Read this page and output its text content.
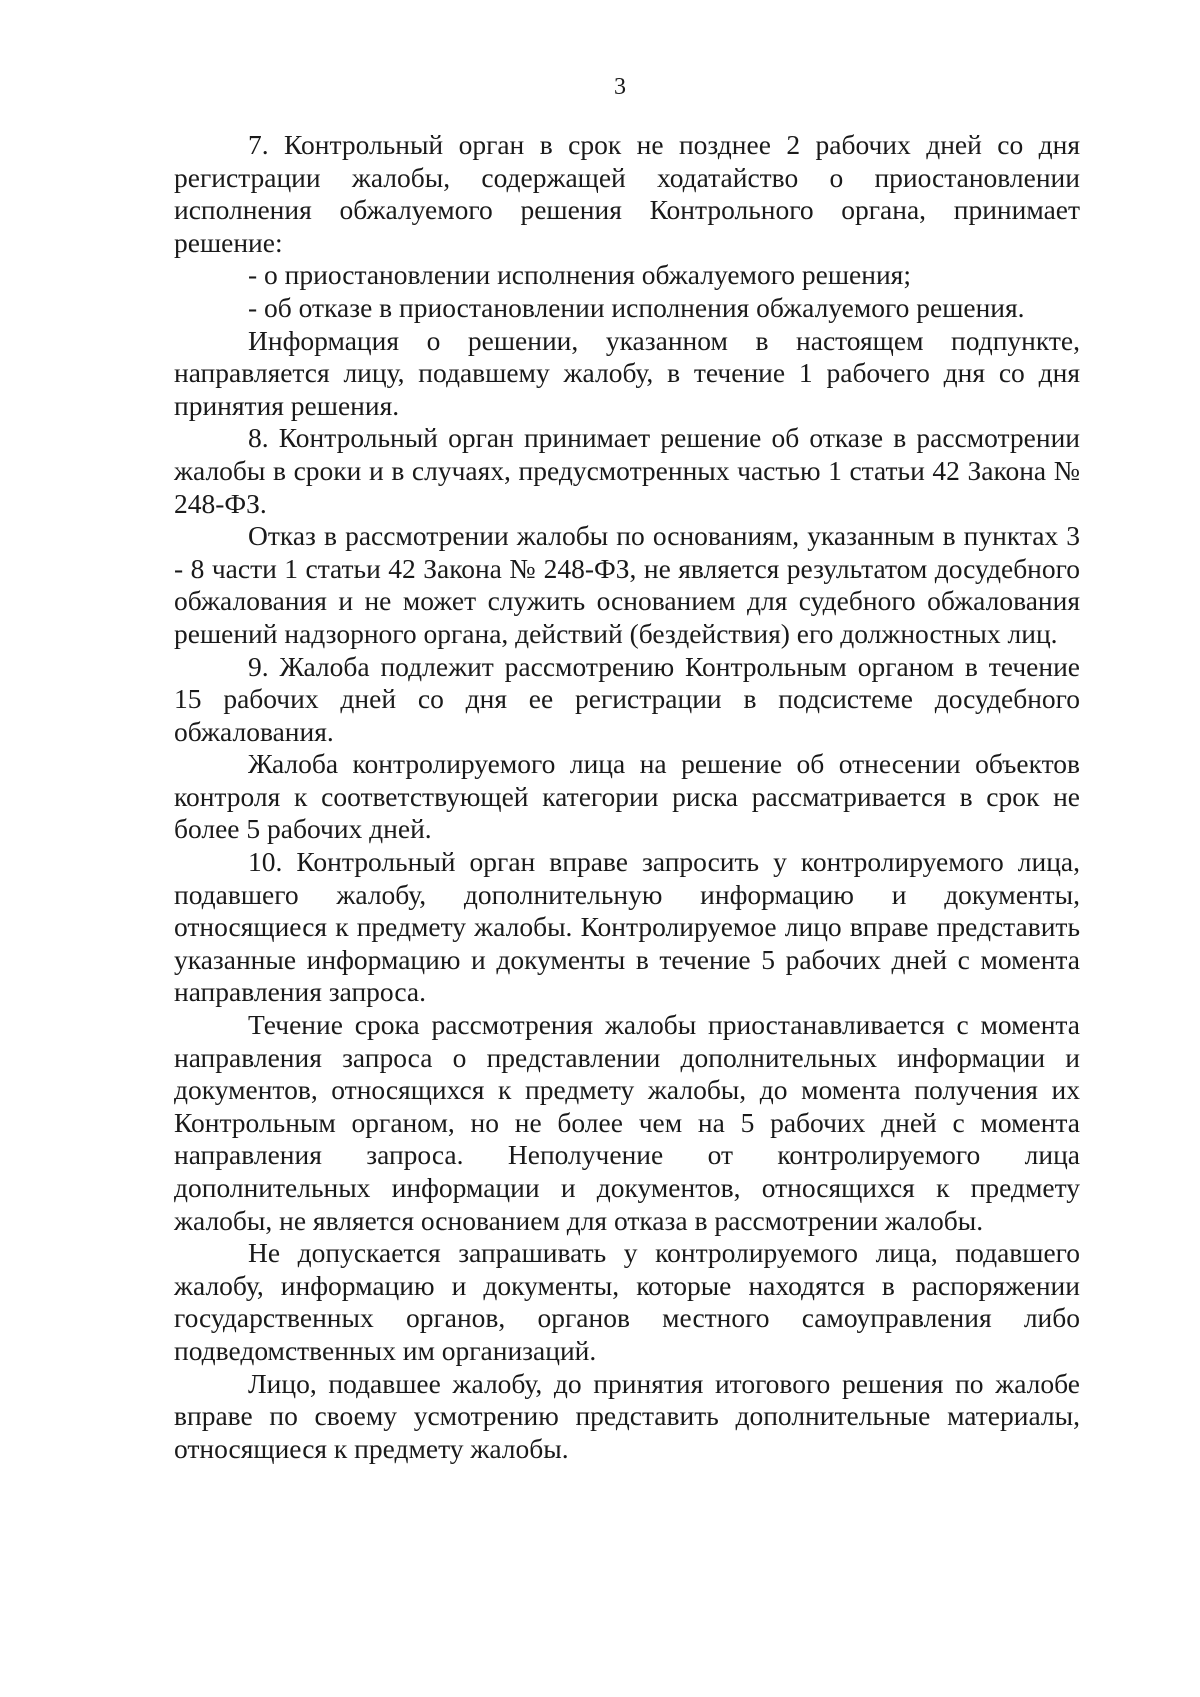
3

7. Контрольный орган в срок не позднее 2 рабочих дней со дня регистрации жалобы, содержащей ходатайство о приостановлении исполнения обжалуемого решения Контрольного органа, принимает решение:

- о приостановлении исполнения обжалуемого решения;

- об отказе в приостановлении исполнения обжалуемого решения.

Информация о решении, указанном в настоящем подпункте, направляется лицу, подавшему жалобу, в течение 1 рабочего дня со дня принятия решения.

8. Контрольный орган принимает решение об отказе в рассмотрении жалобы в сроки и в случаях, предусмотренных частью 1 статьи 42 Закона № 248-ФЗ.

Отказ в рассмотрении жалобы по основаниям, указанным в пунктах 3 - 8 части 1 статьи 42 Закона № 248-ФЗ, не является результатом досудебного обжалования и не может служить основанием для судебного обжалования решений надзорного органа, действий (бездействия) его должностных лиц.

9. Жалоба подлежит рассмотрению Контрольным органом в течение 15 рабочих дней со дня ее регистрации в подсистеме досудебного обжалования.

Жалоба контролируемого лица на решение об отнесении объектов контроля к соответствующей категории риска рассматривается в срок не более 5 рабочих дней.

10. Контрольный орган вправе запросить у контролируемого лица, подавшего жалобу, дополнительную информацию и документы, относящиеся к предмету жалобы. Контролируемое лицо вправе представить указанные информацию и документы в течение 5 рабочих дней с момента направления запроса.

Течение срока рассмотрения жалобы приостанавливается с момента направления запроса о представлении дополнительных информации и документов, относящихся к предмету жалобы, до момента получения их Контрольным органом, но не более чем на 5 рабочих дней с момента направления запроса. Неполучение от контролируемого лица дополнительных информации и документов, относящихся к предмету жалобы, не является основанием для отказа в рассмотрении жалобы.

Не допускается запрашивать у контролируемого лица, подавшего жалобу, информацию и документы, которые находятся в распоряжении государственных органов, органов местного самоуправления либо подведомственных им организаций.

Лицо, подавшее жалобу, до принятия итогового решения по жалобе вправе по своему усмотрению представить дополнительные материалы, относящиеся к предмету жалобы.
